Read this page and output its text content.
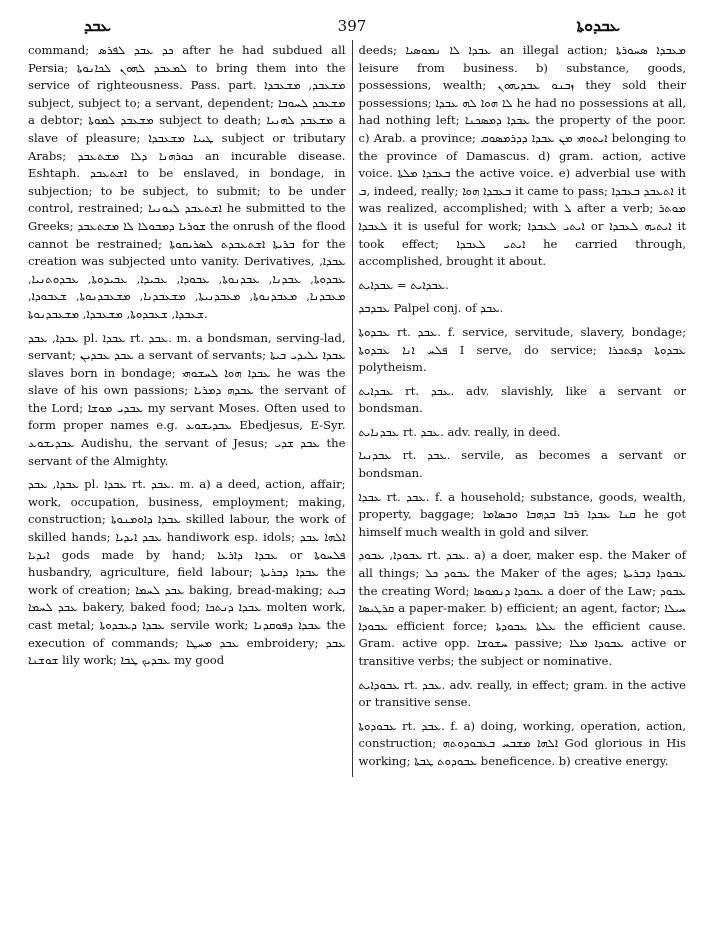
ܥܒܕ	397	ܥܒܕܘܬܐ

command; ܟܕ ܥܒܕ ܠܦܪܣ after he had subdued all Persia; ܠܡܥܒܕ ܠܗܘܢ ܠܟܐܢܘܬܐ to bring them into the service of righteousness. Pass. part. ܡܫܥܒܕ, ܡܫܥܒܕܐ subject, subject to; a servant, dependent; ܡܫܥܒܕ ܠܚܘܒܐ a debtor; ܡܫܥܒܕ ܠܡܘܬܐ subject to death; ܡܫܥܒܕ ܠܗܢܝܐ a slave of pleasure; ܛܝܝܐ ܡܫܥܒܕܐ subject or tributary Arabs; ܟܘܪܗܢܐ ܕܠܐ ܡܫܬܥܒܕ an incurable disease. Eshtaph. ܐܫܬܥܒܕ to be enslaved, in bondage, in subjection; to be subject, to submit; to be under control, restrained; ܐܫܬܥܒܕ ܠܝܘܢܝܐ he submitted to the Greeks; ܫܘܪܝܐ ܕܡܒܘܠܐ ܠܐ ܡܫܬܥܒܕ the onrush of the flood cannot be restrained; ܒܪܝܬܐ ܐܫܬܥܒܕܬ ܠܣܪܝܩܘܬܐ for the creation was subjected unto vanity. Derivatives, ܥܒܕܐ, ܥܒܕܘܬܐ, ܥܒܕܢܐ, ܥܒܕܢܘܬܐ, ܥܒܘܕܐ, ܥܒܝܕܐ, ܥܒܝܕܘܬܐ, ܥܒܕܘܬܢܝܐ, ܡܥܒܕܢܐ, ܡܥܒܕܢܘܬܐ, ܡܥܒܕܢܝܬܐ, ܡܫܥܒܕܢܐ, ܡܫܥܒܕܢܘܬܐ, ܫܥܒܘܕܐ, ܫܥܒܕܐ, ܫܥܒܕܘܬܐ, ܡܫܥܒܕܐ, ܡܫܥܒܕܢܘܬܐ.

ܥܒܕܐ, ܥܒܕ pl. ܥܒܕܐ rt. ܥܒܕ. m. a bondsman, serving-lad, servant; ܥܒܕ ܥܒܕܝܢ a servant of servants; ܥܒܕܐ ܝܠܝܕܝ ܒܝܬܐ slaves born in bondage; ܥܒܕܐ ܗܘܐ ܠܚܫܘܗܝ he was the slave of his own passions; ܥܒܕܗ ܕܡܪܝܐ the servant of the Lord; ܥܒܕܝ ܡܘܫܐ my servant Moses. Often used to form proper names e.g. ܥܒܕܝܫܘܥ Ebedjesus, E-Syr. ܥܒܕܝܫܘܥ Audishu, the servant of Jesus; ܥܒܕ ܫܕܝ the servant of the Almighty.

ܥܒܕܐ, ܥܒܕ pl. ܥܒܕܐ rt. ܥܒܕ. m. a) a deed, action, affair; work, occupation, business, employment; making, construction; ܥܒܕܐ ܕܐܘܡܢܘܬܐ skilled labour, the work of skilled hands; ܥܒܕ ܐܝܕܝܐ handiwork esp. idols; ܐܠܗܐ ܥܒܕ ܐܝܕܝܐ gods made by hand; ܥܒܕܐ ܕܐܪܥܐ or ܦܠܚܘܬܐ husbandry, agriculture, field labour; ܥܒܕܐ ܕܒܪܝܬܐ the work of creation; ܥܒܕ ܠܚܡܐ baking, bread-making; ܒܝܬ ܥܒܕ ܠܚܡܐ bakery, baked food; ܥܒܕܐ ܕܢܬܟܐ molten work, cast metal; ܥܒܕܐ ܕܥܒܕܘܬܐ servile work; ܥܒܕܐ ܕܦܘܩܕܢܐ the execution of commands; ܥܒܕ ܡܚܛܐ embroidery; ܥܒܕ ܫܘܫܢܐ lily work; ܥܒܕܝܟ ܛܒܐ my good

deeds; ܥܒܕܐ ܠܐ ܢܡܘܣܝܐ an illegal action; ܡܥܒܕܐ ܣܚܘܪܬܐ leisure from business. b) substance, goods, possessions, wealth; ܙܒܢܘ ܥܒܕܝܗܘܢ they sold their possessions; ܠܐ ܗܘܐ ܠܗ ܥܒܕܐ he had no possessions at all, had nothing left; ܥܒܕܐ ܕܡܣܟܢܐ the property of the poor. c) Arab. a province; ܐܝܬܘܗܝ ܡܢ ܥܒܕܐ ܕܕܪܡܣܘܩ belonging to the province of Damascus. d) gram. action, active voice. ܒܥܒܕܐ ܡܠܬܐ the active voice. e) adverbial use with ܒ, indeed, really; ܒܥܒܕܐ ܗܘܐ it came to pass; ܐܬܥܒܕ ܒܥܒܕܐ it was realized, accomplished; with ܠ after a verb; ܡܘܬܪ ܠܥܒܕܐ it is useful for work; ܐܝܬܝ ܠܥܒܕܐ or ܐܝܬܝܗ ܠܥܒܕܐ it took effect; ܐܝܬܝ ܠܥܒܕܐ he carried through, accomplished, brought it about.

ܥܒܕܐܝܬ = ܥܒܕܐܝܬ.

ܥܒܕܒܕ Palpel conj. of ܥܒܕ.

ܥܒܕܘܬܐ rt. ܥܒܕ. f. service, servitude, slavery, bondage; ܦܠܚ ܐܢܐ ܥܒܕܘܬܐ I serve, do service; ܥܒܕܘܬܐ ܕܦܬܟܪܐ polytheism.

ܥܒܕܐܝܬ rt. ܥܒܕ. adv. slavishly, like a servant or bondsman.

ܥܒܕܢܐܝܬ rt. ܥܒܕ. adv. really, in deed.

ܥܒܕܢܝܐ rt. ܥܒܕ. servile, as becomes a servant or bondsman.

ܥܒܕܐ rt. ܥܒܕ. f. a household; substance, goods, wealth, property, baggage; ܩܢܐ ܥܒܕܐ ܪܒܐ ܒܕܗܒܐ ܘܒܣܐܡܐ he got himself much wealth in gold and silver.

ܥܒܘܕܐ, ܥܒܘܕ rt. ܥܒܕ. a) a doer, maker esp. the Maker of all things; ܥܒܘܕ ܟܠ the Maker of the ages; ܥܒܘܕܐ ܕܒܪܝܬܐ the creating Word; ܥܒܘܕܐ ܕܢܡܘܣܐ a doer of the Law; ܥܒܘܕ ܩܪܛܝܣܐ a paper-maker. b) efficient; an agent, factor; ܚܝܠܐ ܥܒܘܕܐ efficient force; ܥܠܬܐ ܥܒܘܕܬܐ the efficient cause. Gram. active opp. ܚܫܘܫܐ passive; ܥܒܘܕܐ ܡܠܐ active or transitive verbs; the subject or nominative.

ܥܒܘܕܐܝܬ rt. ܥܒܕ. adv. really, in effect; gram. in the active or transitive sense.

ܥܒܘܕܘܬܐ rt. ܥܒܕ. f. a) doing, working, operation, action, construction; ܐܠܗܐ ܡܫܒܚ ܒܥܒܘܕܘܬܗ God glorious in His working; ܥܒܘܕܘܬ ܛܒܬܐ beneficence. b) creative energy.
